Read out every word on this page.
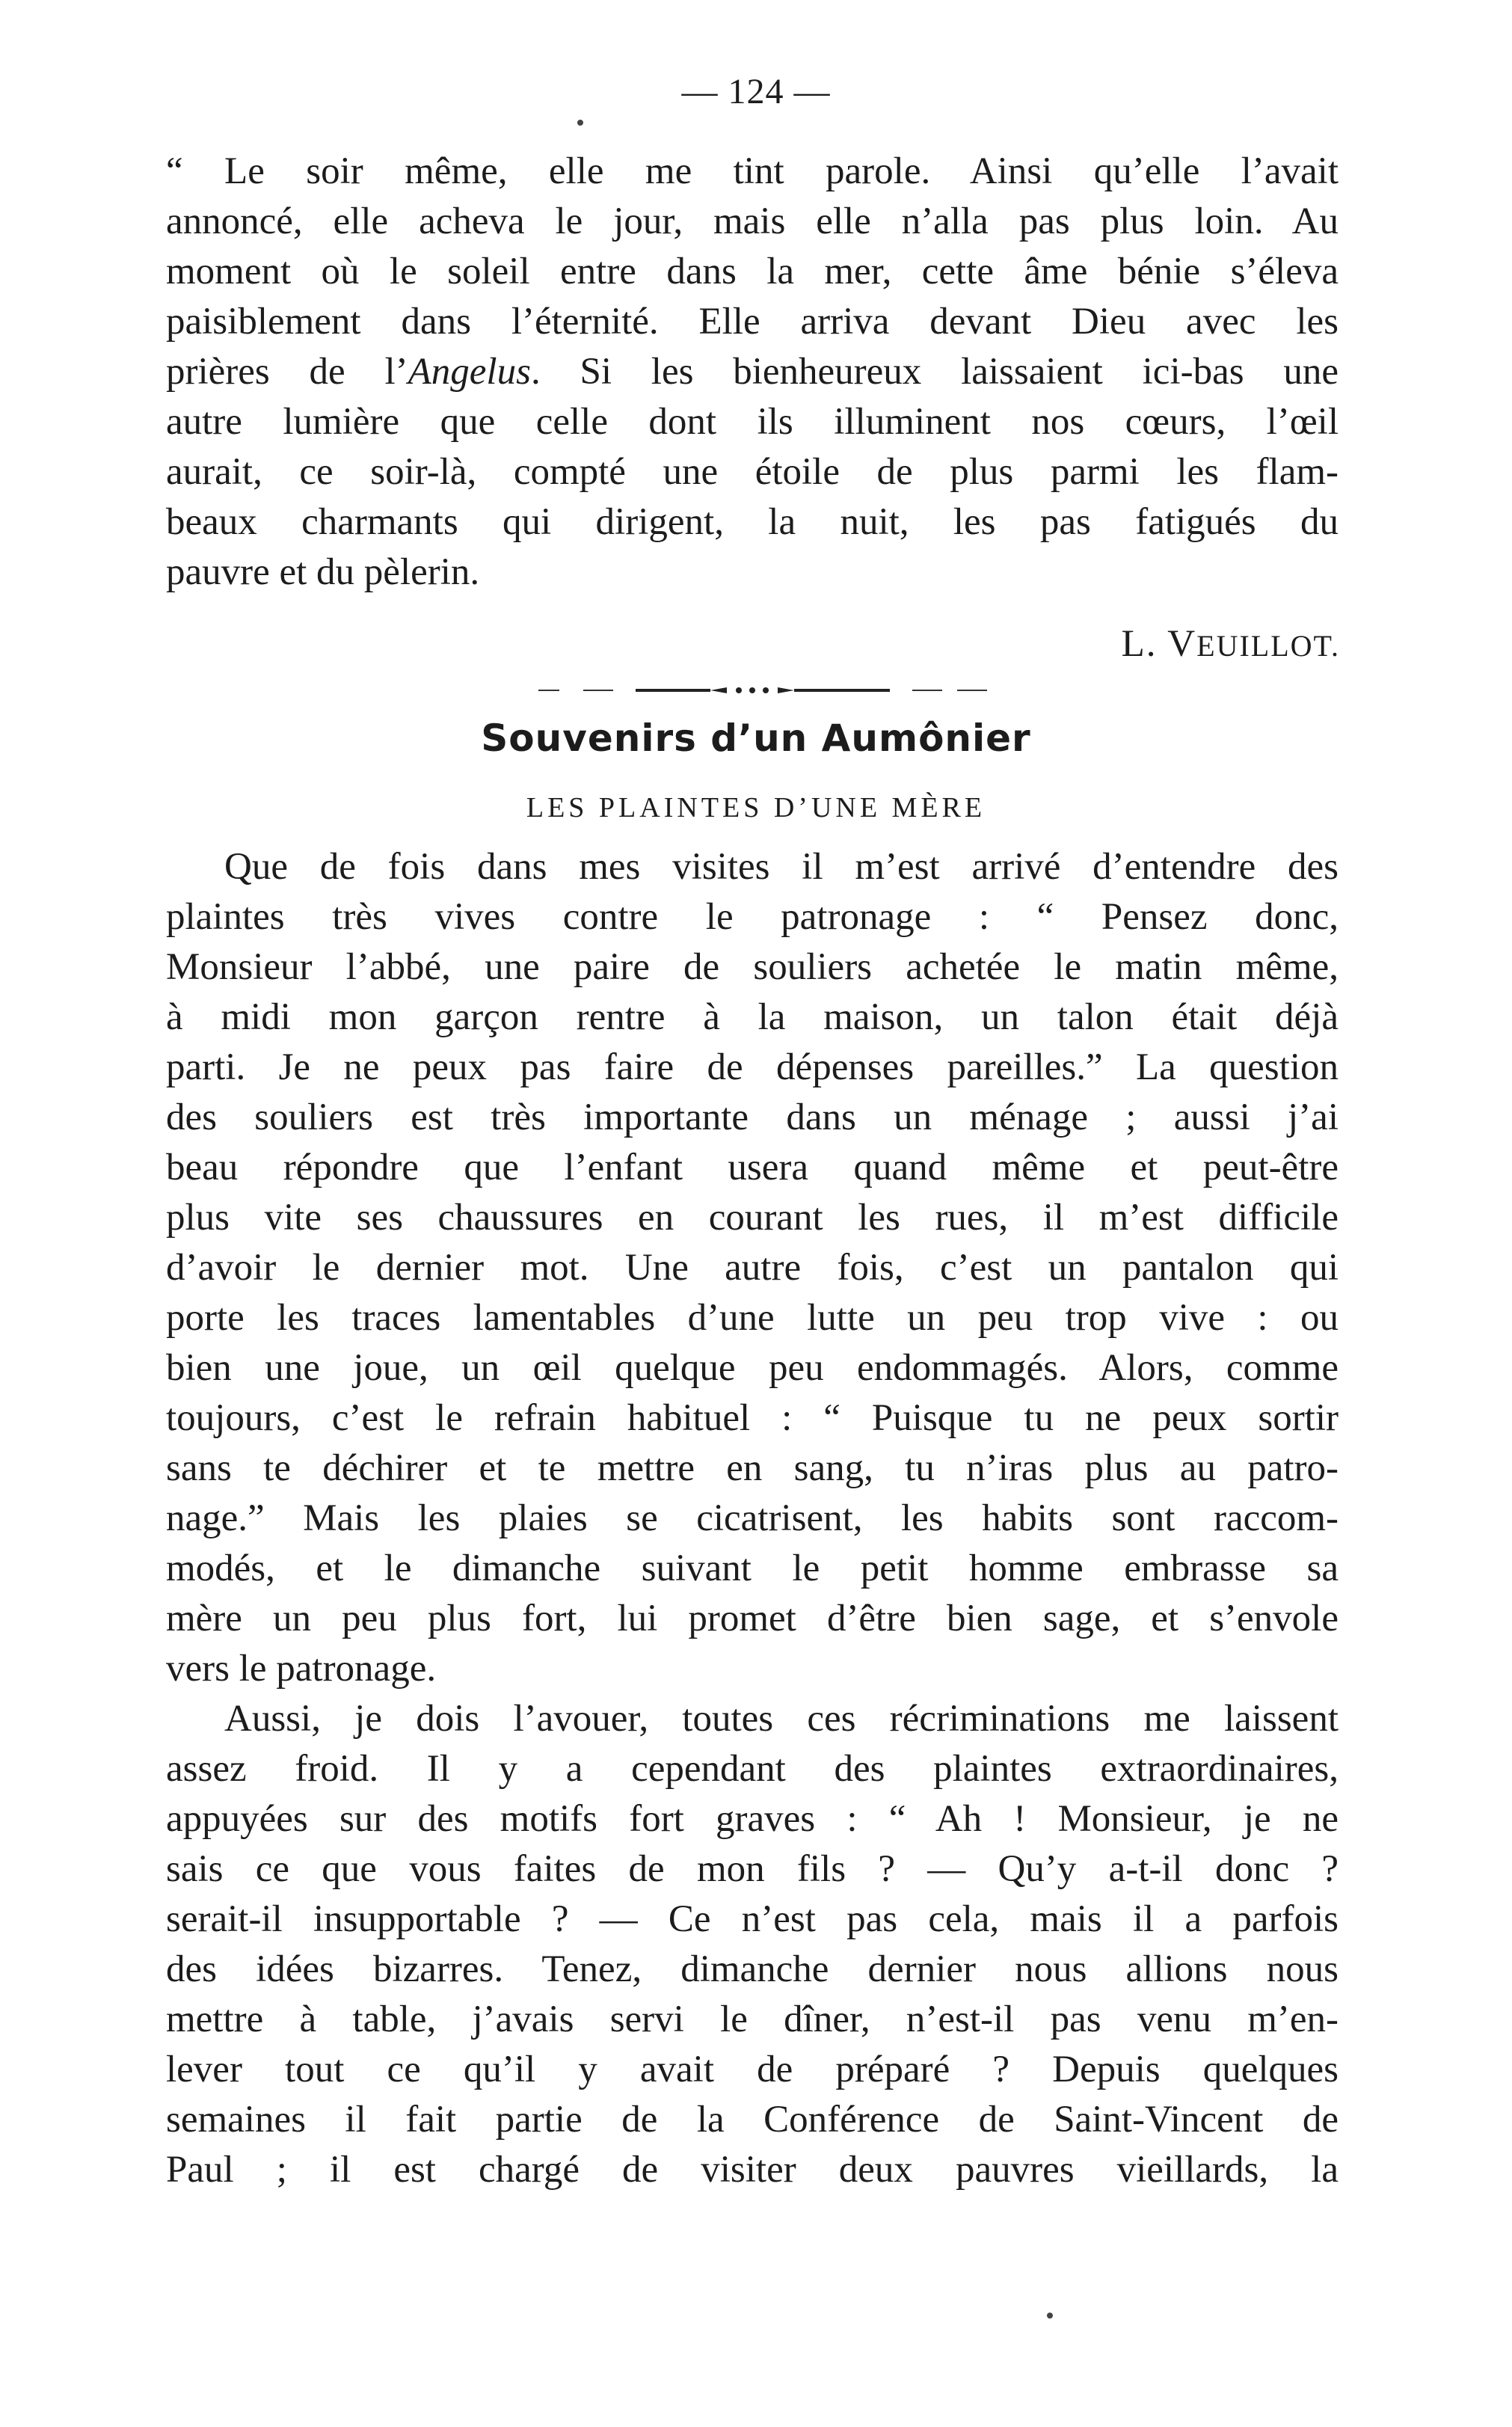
— 124 —
“ Le soir même, elle me tint parole. Ainsi qu’elle l’avait
annoncé, elle acheva le jour, mais elle n’alla pas plus loin. Au
moment où le soleil entre dans la mer, cette âme bénie s’éleva
paisiblement dans l’éternité. Elle arriva devant Dieu avec les
prières de l’Angelus. Si les bienheureux laissaient ici-bas une
autre lumière que celle dont ils illuminent nos cœurs, l’œil
aurait, ce soir-là, compté une étoile de plus parmi les flam-
beaux charmants qui dirigent, la nuit, les pas fatigués du
pauvre et du pèlerin.
L. VEUILLOT.
Souvenirs d’un Aumônier
LES PLAINTES D’UNE MÈRE
Que de fois dans mes visites il m’est arrivé d’entendre des
plaintes très vives contre le patronage : “ Pensez donc,
Monsieur l’abbé, une paire de souliers achetée le matin même,
à midi mon garçon rentre à la maison, un talon était déjà
parti. Je ne peux pas faire de dépenses pareilles.” La question
des souliers est très importante dans un ménage ; aussi j’ai
beau répondre que l’enfant usera quand même et peut-être
plus vite ses chaussures en courant les rues, il m’est difficile
d’avoir le dernier mot. Une autre fois, c’est un pantalon qui
porte les traces lamentables d’une lutte un peu trop vive : ou
bien une joue, un œil quelque peu endommagés. Alors, comme
toujours, c’est le refrain habituel : “ Puisque tu ne peux sortir
sans te déchirer et te mettre en sang, tu n’iras plus au patro-
nage.” Mais les plaies se cicatrisent, les habits sont raccom-
modés, et le dimanche suivant le petit homme embrasse sa
mère un peu plus fort, lui promet d’être bien sage, et s’envole
vers le patronage.
Aussi, je dois l’avouer, toutes ces récriminations me laissent
assez froid. Il y a cependant des plaintes extraordinaires,
appuyées sur des motifs fort graves : “ Ah ! Monsieur, je ne
sais ce que vous faites de mon fils ? — Qu’y a-t-il donc ?
serait-il insupportable ? — Ce n’est pas cela, mais il a parfois
des idées bizarres. Tenez, dimanche dernier nous allions nous
mettre à table, j’avais servi le dîner, n’est-il pas venu m’en-
lever tout ce qu’il y avait de préparé ? Depuis quelques
semaines il fait partie de la Conférence de Saint-Vincent de
Paul ; il est chargé de visiter deux pauvres vieillards, la
